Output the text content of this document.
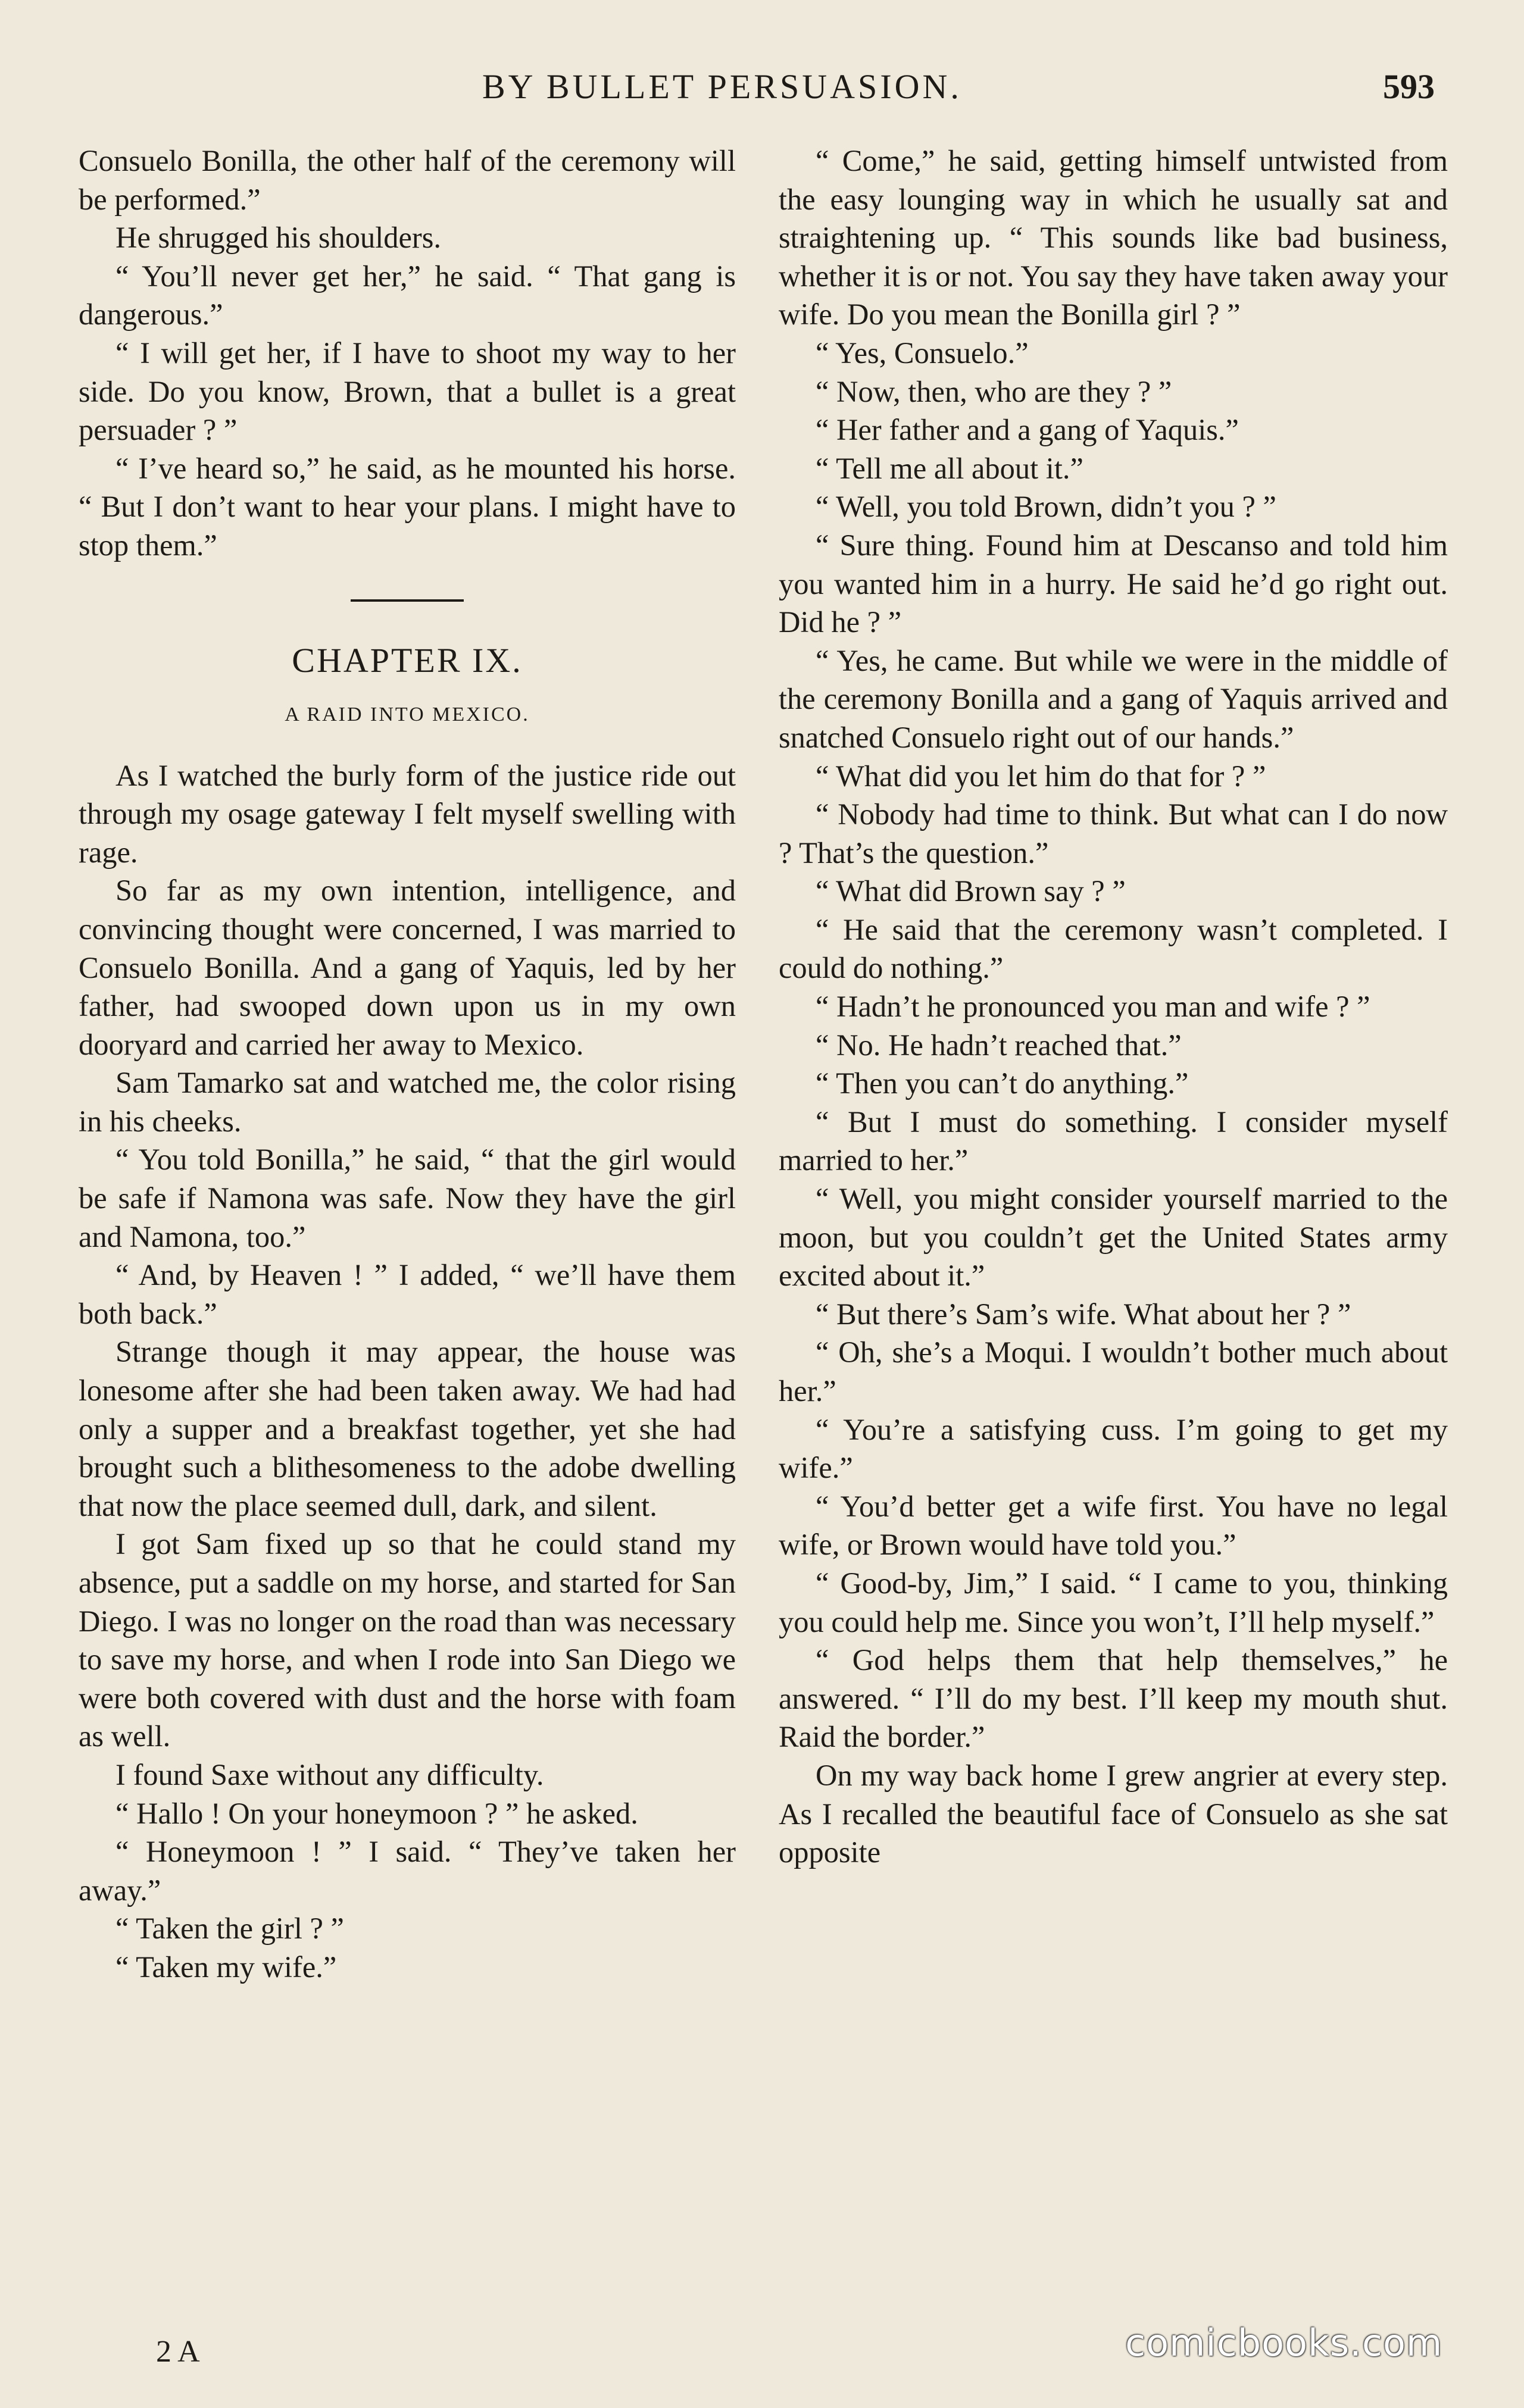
BY BULLET PERSUASION.	593

Consuelo Bonilla, the other half of the ceremony will be performed.”

He shrugged his shoulders.

“ You’ll never get her,” he said. “ That gang is dangerous.”

“ I will get her, if I have to shoot my way to her side. Do you know, Brown, that a bullet is a great persuader ? ”

“ I’ve heard so,” he said, as he mounted his horse. “ But I don’t want to hear your plans. I might have to stop them.”

CHAPTER IX.
A RAID INTO MEXICO.

As I watched the burly form of the justice ride out through my osage gateway I felt myself swelling with rage.

So far as my own intention, intelligence, and convincing thought were concerned, I was married to Consuelo Bonilla. And a gang of Yaquis, led by her father, had swooped down upon us in my own dooryard and carried her away to Mexico.

Sam Tamarko sat and watched me, the color rising in his cheeks.

“ You told Bonilla,” he said, “ that the girl would be safe if Namona was safe. Now they have the girl and Namona, too.”

“ And, by Heaven ! ” I added, “ we’ll have them both back.”

Strange though it may appear, the house was lonesome after she had been taken away. We had had only a supper and a breakfast together, yet she had brought such a blithesomeness to the adobe dwelling that now the place seemed dull, dark, and silent.

I got Sam fixed up so that he could stand my absence, put a saddle on my horse, and started for San Diego. I was no longer on the road than was necessary to save my horse, and when I rode into San Diego we were both covered with dust and the horse with foam as well.

I found Saxe without any difficulty.

“ Hallo ! On your honeymoon ? ” he asked.

“ Honeymoon ! ” I said. “ They’ve taken her away.”

“ Taken the girl ? ”

“ Taken my wife.”

“ Come,” he said, getting himself untwisted from the easy lounging way in which he usually sat and straightening up. “ This sounds like bad business, whether it is or not. You say they have taken away your wife. Do you mean the Bonilla girl ? ”

“ Yes, Consuelo.”

“ Now, then, who are they ? ”

“ Her father and a gang of Yaquis.”

“ Tell me all about it.”

“ Well, you told Brown, didn’t you ? ”

“ Sure thing. Found him at Descanso and told him you wanted him in a hurry. He said he’d go right out. Did he ? ”

“ Yes, he came. But while we were in the middle of the ceremony Bonilla and a gang of Yaquis arrived and snatched Consuelo right out of our hands.”

“ What did you let him do that for ? ”

“ Nobody had time to think. But what can I do now ? That’s the question.”

“ What did Brown say ? ”

“ He said that the ceremony wasn’t completed. I could do nothing.”

“ Hadn’t he pronounced you man and wife ? ”

“ No. He hadn’t reached that.”

“ Then you can’t do anything.”

“ But I must do something. I consider myself married to her.”

“ Well, you might consider yourself married to the moon, but you couldn’t get the United States army excited about it.”

“ But there’s Sam’s wife. What about her ? ”

“ Oh, she’s a Moqui. I wouldn’t bother much about her.”

“ You’re a satisfying cuss. I’m going to get my wife.”

“ You’d better get a wife first. You have no legal wife, or Brown would have told you.”

“ Good-by, Jim,” I said. “ I came to you, thinking you could help me. Since you won’t, I’ll help myself.”

“ God helps them that help themselves,” he answered. “ I’ll do my best. I’ll keep my mouth shut. Raid the border.”

On my way back home I grew angrier at every step. As I recalled the beautiful face of Consuelo as she sat opposite

2 A	comicbooks.com
